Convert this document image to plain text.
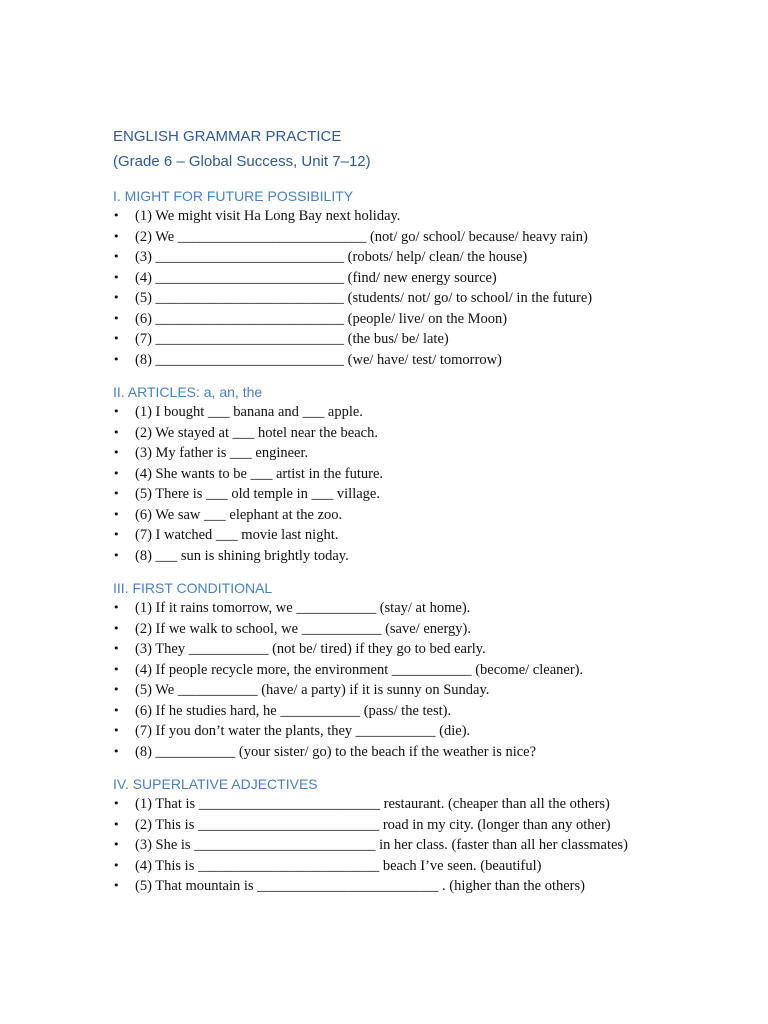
ENGLISH GRAMMAR PRACTICE
(Grade 6 – Global Success, Unit 7–12)
I. MIGHT FOR FUTURE POSSIBILITY
• (1) We might visit Ha Long Bay next holiday.
• (2) We __________________________ (not/ go/ school/ because/ heavy rain)
• (3) __________________________ (robots/ help/ clean/ the house)
• (4) __________________________ (find/ new energy source)
• (5) __________________________ (students/ not/ go/ to school/ in the future)
• (6) __________________________ (people/ live/ on the Moon)
• (7) __________________________ (the bus/ be/ late)
• (8) __________________________ (we/ have/ test/ tomorrow)
II. ARTICLES: a, an, the
• (1) I bought ___ banana and ___ apple.
• (2) We stayed at ___ hotel near the beach.
• (3) My father is ___ engineer.
• (4) She wants to be ___ artist in the future.
• (5) There is ___ old temple in ___ village.
• (6) We saw ___ elephant at the zoo.
• (7) I watched ___ movie last night.
• (8) ___ sun is shining brightly today.
III. FIRST CONDITIONAL
• (1) If it rains tomorrow, we ___________ (stay/ at home).
• (2) If we walk to school, we ___________ (save/ energy).
• (3) They ___________ (not be/ tired) if they go to bed early.
• (4) If people recycle more, the environment ___________ (become/ cleaner).
• (5) We ___________ (have/ a party) if it is sunny on Sunday.
• (6) If he studies hard, he ___________ (pass/ the test).
• (7) If you don’t water the plants, they ___________ (die).
• (8) ___________ (your sister/ go) to the beach if the weather is nice?
IV. SUPERLATIVE ADJECTIVES
• (1) That is _________________________ restaurant. (cheaper than all the others)
• (2) This is _________________________ road in my city. (longer than any other)
• (3) She is _________________________ in her class. (faster than all her classmates)
• (4) This is _________________________ beach I’ve seen. (beautiful)
• (5) That mountain is _________________________ . (higher than the others)
